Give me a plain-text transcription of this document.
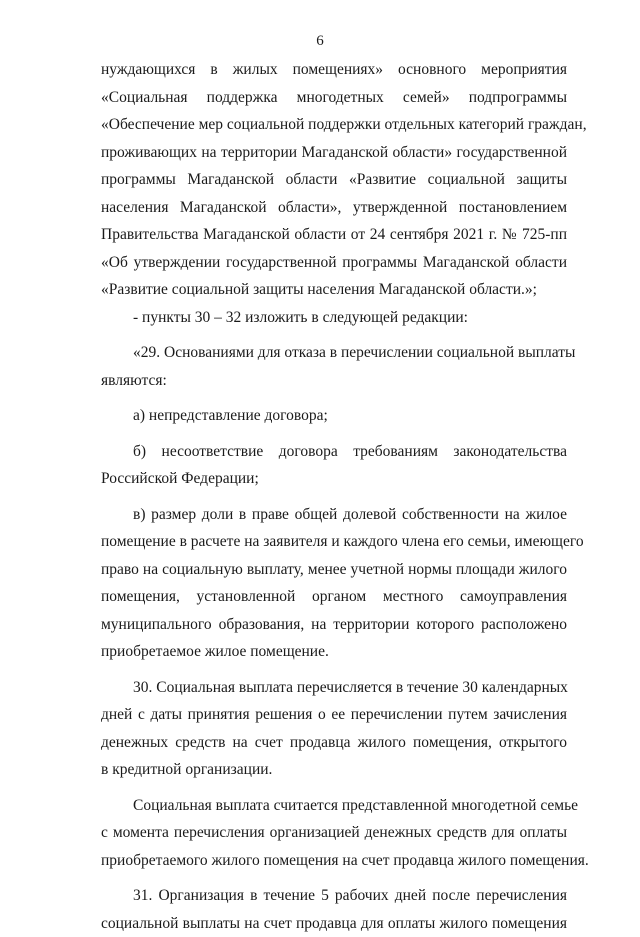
6
нуждающихся в жилых помещениях» основного мероприятия
«Социальная поддержка многодетных семей» подпрограммы
«Обеспечение мер социальной поддержки отдельных категорий граждан,
проживающих на территории Магаданской области» государственной
программы Магаданской области «Развитие социальной защиты
населения Магаданской области», утвержденной постановлением
Правительства Магаданской области от 24 сентября 2021 г. № 725-пп
«Об утверждении государственной программы Магаданской области
«Развитие социальной защиты населения Магаданской области.»;
- пункты 30 – 32 изложить в следующей редакции:
«29. Основаниями для отказа в перечислении социальной выплаты
являются:
а) непредставление договора;
б) несоответствие договора требованиям законодательства
Российской Федерации;
в) размер доли в праве общей долевой собственности на жилое
помещение в расчете на заявителя и каждого члена его семьи, имеющего
право на социальную выплату, менее учетной нормы площади жилого
помещения, установленной органом местного самоуправления
муниципального образования, на территории которого расположено
приобретаемое жилое помещение.
30. Социальная выплата перечисляется в течение 30 календарных
дней с даты принятия решения о ее перечислении путем зачисления
денежных средств на счет продавца жилого помещения, открытого
в кредитной организации.
Социальная выплата считается представленной многодетной семье
с момента перечисления организацией денежных средств для оплаты
приобретаемого жилого помещения на счет продавца жилого помещения.
31. Организация в течение 5 рабочих дней после перечисления
социальной выплаты на счет продавца для оплаты жилого помещения
